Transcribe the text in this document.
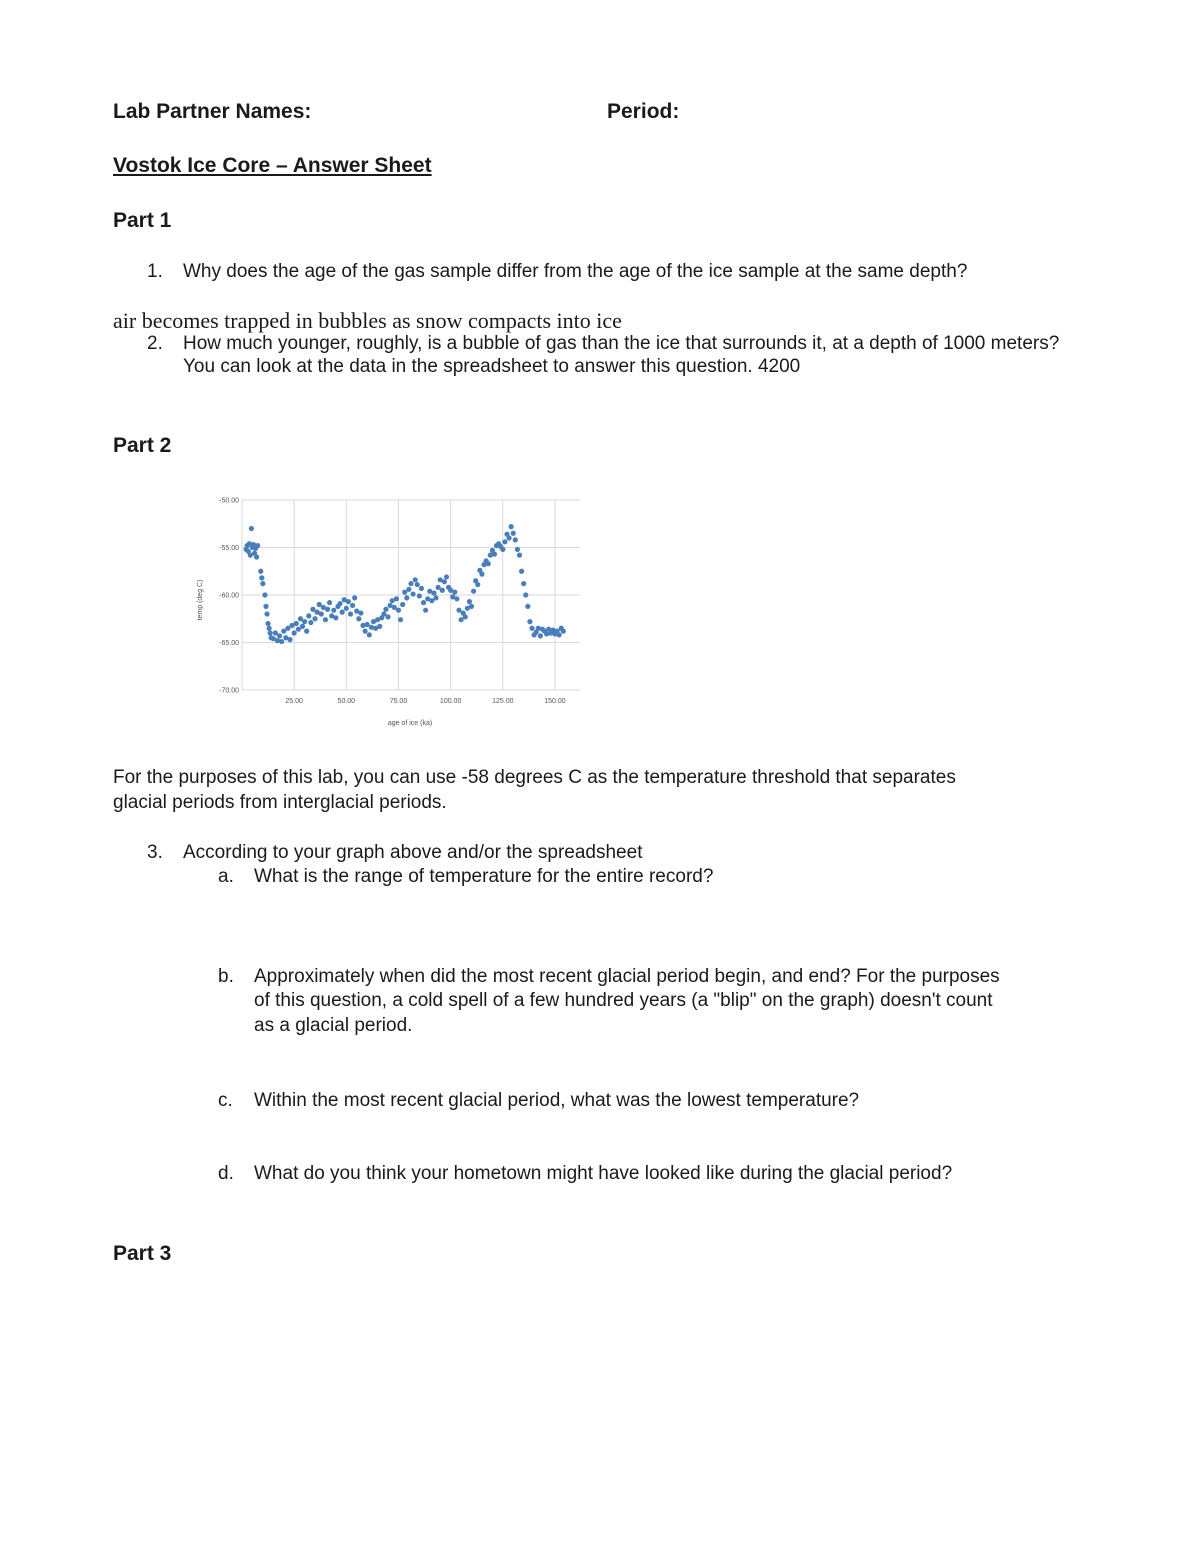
Lab Partner Names:	Period:
Vostok Ice Core – Answer Sheet
Part 1
1. Why does the age of the gas sample differ from the age of the ice sample at the same depth?
air becomes trapped in bubbles as snow compacts into ice
2. How much younger, roughly, is a bubble of gas than the ice that surrounds it, at a depth of 1000 meters?
You can look at the data in the spreadsheet to answer this question. 4200
Part 2
-50.00
-55.00
-60.00
-65.00
-70.00
25.00	50.00	75.00	100.00	125.00	150.00
age of ice (ka)
temp (deg C)
For the purposes of this lab, you can use -58 degrees C as the temperature threshold that separates
glacial periods from interglacial periods.
3. According to your graph above and/or the spreadsheet
a. What is the range of temperature for the entire record?
b. Approximately when did the most recent glacial period begin, and end? For the purposes
of this question, a cold spell of a few hundred years (a "blip" on the graph) doesn't count
as a glacial period.
c. Within the most recent glacial period, what was the lowest temperature?
d. What do you think your hometown might have looked like during the glacial period?
Part 3
